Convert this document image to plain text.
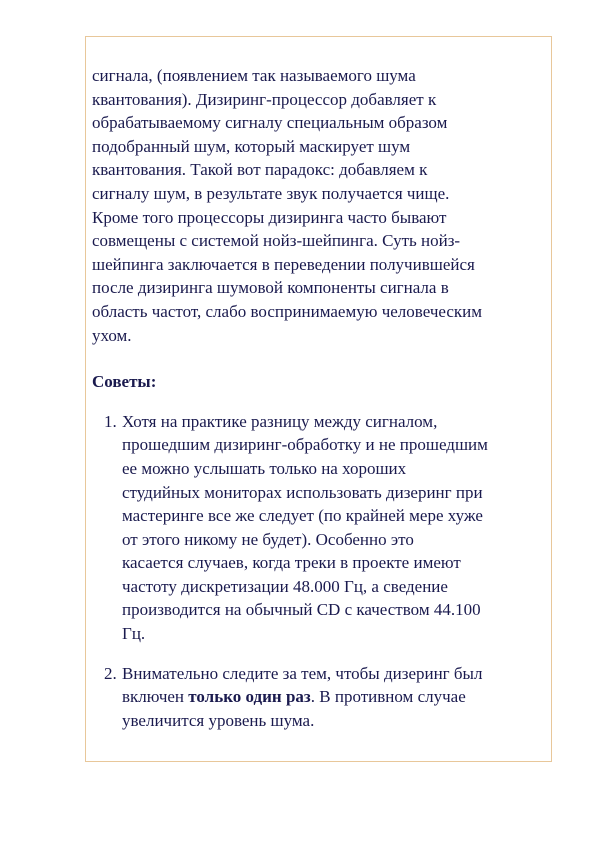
сигнала, (появлением так называемого шума
квантования). Дизиринг-процессор добавляет к
обрабатываемому сигналу специальным образом
подобранный шум, который маскирует шум
квантования. Такой вот парадокс: добавляем к
сигналу шум, в результате звук получается чище.
Кроме того процессоры дизиринга часто бывают
совмещены с системой нойз-шейпинга. Суть нойз-
шейпинга заключается в переведении получившейся
после дизиринга шумовой компоненты сигнала в
область частот, слабо воспринимаемую человеческим
ухом.

Советы:

1. Хотя на практике разницу между сигналом,
прошедшим дизиринг-обработку и не прошедшим
ее можно услышать только на хороших
студийных мониторах использовать дизеринг при
мастеринге все же следует (по крайней мере хуже
от этого никому не будет). Особенно это
касается случаев, когда треки в проекте имеют
частоту дискретизации 48.000 Гц, а сведение
производится на обычный CD с качеством 44.100
Гц.
2. Внимательно следите за тем, чтобы дизеринг был
включен только один раз. В противном случае
увеличится уровень шума.
